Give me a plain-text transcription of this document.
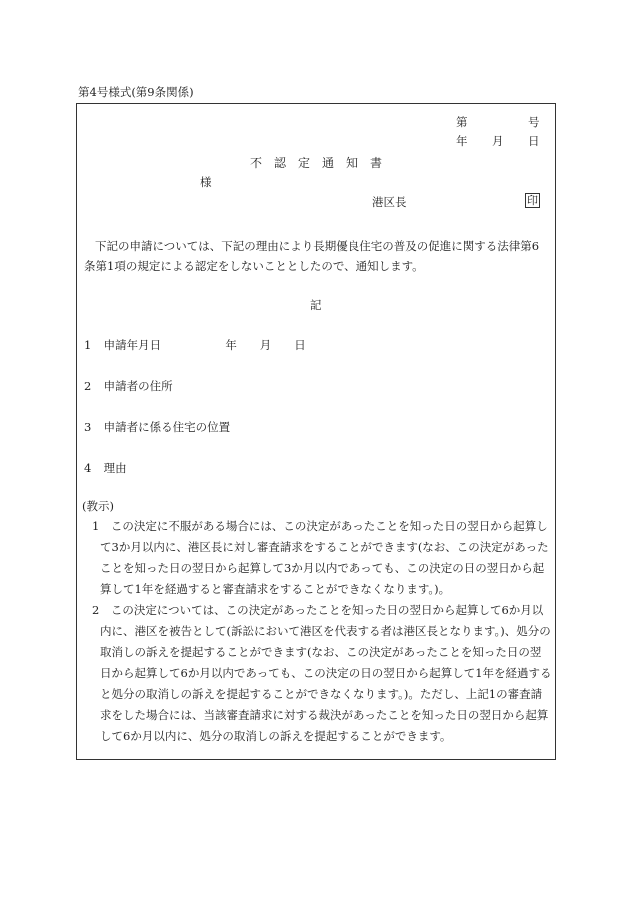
第4号様式(第9条関係)
第	号
年 月 日
不　認　定　通　知　書
様
港区長	印
下記の申請については、下記の理由により長期優良住宅の普及の促進に関する法律第6条第1項の規定による認定をしないこととしたので、通知します。
記
1 申請年月日	年　　月　　日
2 申請者の住所
3 申請者に係る住宅の位置
4 理由
(教示)
1　この決定に不服がある場合には、この決定があったことを知った日の翌日から起算して3か月以内に、港区長に対し審査請求をすることができます(なお、この決定があったことを知った日の翌日から起算して3か月以内であっても、この決定の日の翌日から起算して1年を経過すると審査請求をすることができなくなります。)。
2　この決定については、この決定があったことを知った日の翌日から起算して6か月以内に、港区を被告として(訴訟において港区を代表する者は港区長となります。)、処分の取消しの訴えを提起することができます(なお、この決定があったことを知った日の翌日から起算して6か月以内であっても、この決定の日の翌日から起算して1年を経過すると処分の取消しの訴えを提起することができなくなります。)。ただし、上記1の審査請求をした場合には、当該審査請求に対する裁決があったことを知った日の翌日から起算して6か月以内に、処分の取消しの訴えを提起することができます。
